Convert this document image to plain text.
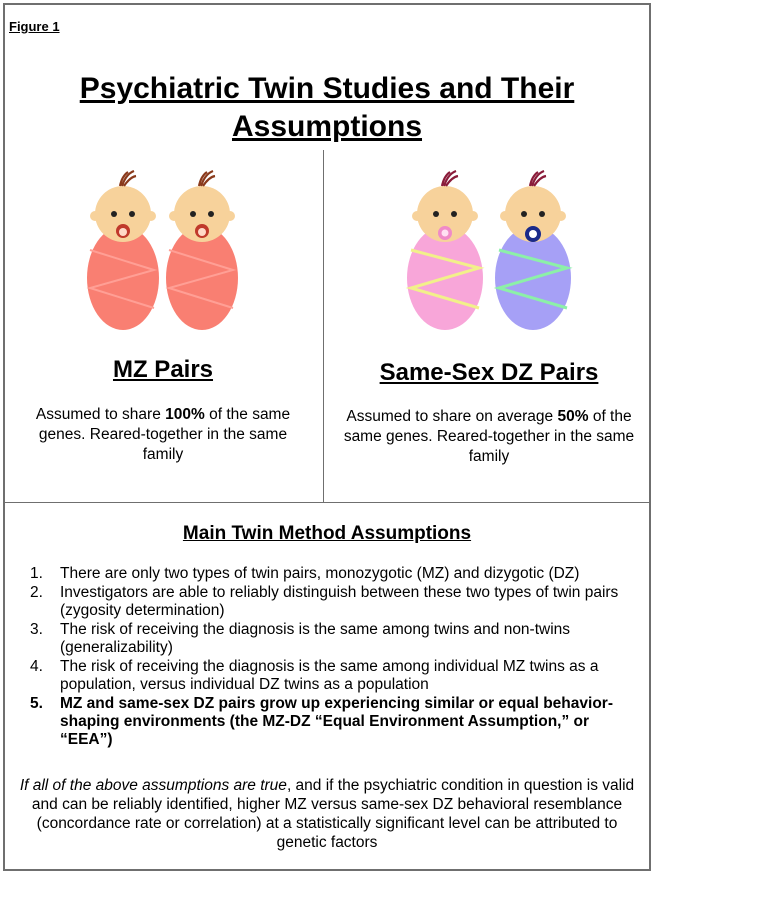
Figure 1

Psychiatric Twin Studies and Their Assumptions
MZ Pairs

Assumed to share 100% of the same genes. Reared-together in the same family

Same-Sex DZ Pairs

Assumed to share on average 50% of the same genes. Reared-together in the same family

Main Twin Method Assumptions
1. There are only two types of twin pairs, monozygotic (MZ) and dizygotic (DZ)
2. Investigators are able to reliably distinguish between these two types of twin pairs (zygosity determination)
3. The risk of receiving the diagnosis is the same among twins and non-twins (generalizability)
4. The risk of receiving the diagnosis is the same among individual MZ twins as a population, versus individual DZ twins as a population
5. MZ and same-sex DZ pairs grow up experiencing similar or equal behavior-shaping environments (the MZ-DZ “Equal Environment Assumption,” or “EEA”)

If all of the above assumptions are true, and if the psychiatric condition in question is valid and can be reliably identified, higher MZ versus same-sex DZ behavioral resemblance (concordance rate or correlation) at a statistically significant level can be attributed to genetic factors
